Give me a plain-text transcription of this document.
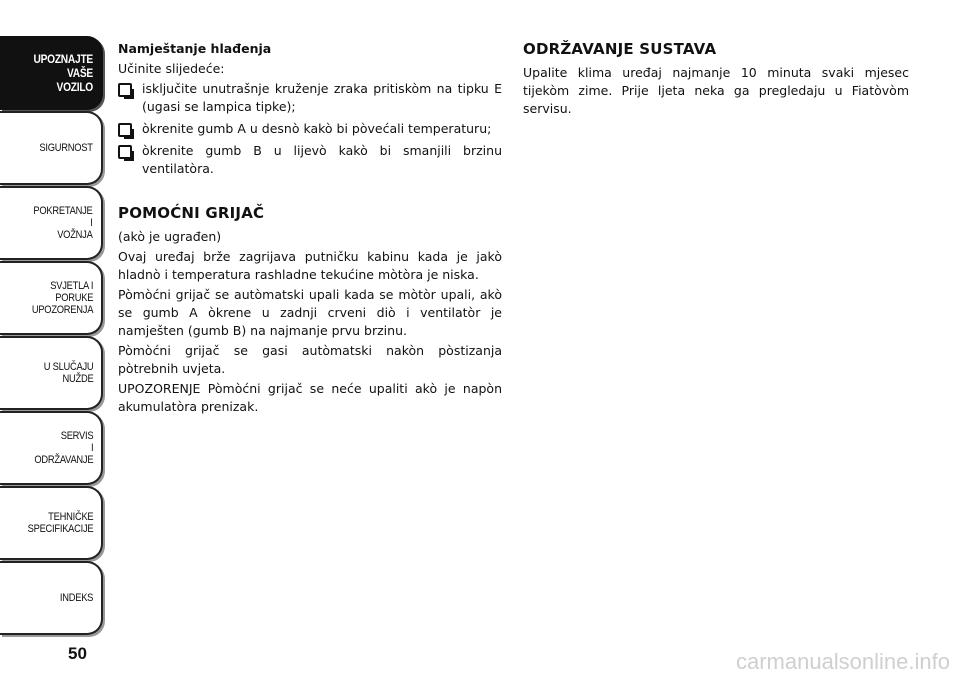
UPOZNAJTE
VAŠE
VOZILO
SIGURNOST
POKRETANJE
I
VOŽNJA
SVJETLA I
PORUKE
UPOZORENJA
U SLUČAJU
NUŽDE
SERVIS
I
ODRŽAVANJE
TEHNIČKE
SPECIFIKACIJE
INDEKS
50
Namještanje hlađenja

Učinite slijedeće:

isključite unutrašnje kruženje zraka pritiskòm na tipku E (ugasi se lampica tipke);
òkrenite gumb A u desnò kakò bi pòvećali temperaturu;
òkrenite gumb B u lijevò kakò bi smanjili brzinu ventilatòra.
POMOĆNI GRIJAČ

(akò je ugrađen)

Ovaj uređaj brže zagrijava putničku kabinu kada je jakò hladnò i temperatura rashladne tekućine mòtòra je niska.

Pòmòćni grijač se autòmatski upali kada se mòtòr upali, akò se gumb A òkrene u zadnji crveni diò i ventilatòr je namješten (gumb B) na najmanje prvu brzinu.

Pòmòćni grijač se gasi autòmatski nakòn pòstizanja pòtrebnih uvjeta.

UPOZORENJE Pòmòćni grijač se neće upaliti akò je napòn akumulatòra prenizak.

ODRŽAVANJE SUSTAVA

Upalite klima uređaj najmanje 10 minuta svaki mjesec tijekòm zime. Prije ljeta neka ga pregledaju u Fiatòvòm servisu.

carmanualsonline.info
